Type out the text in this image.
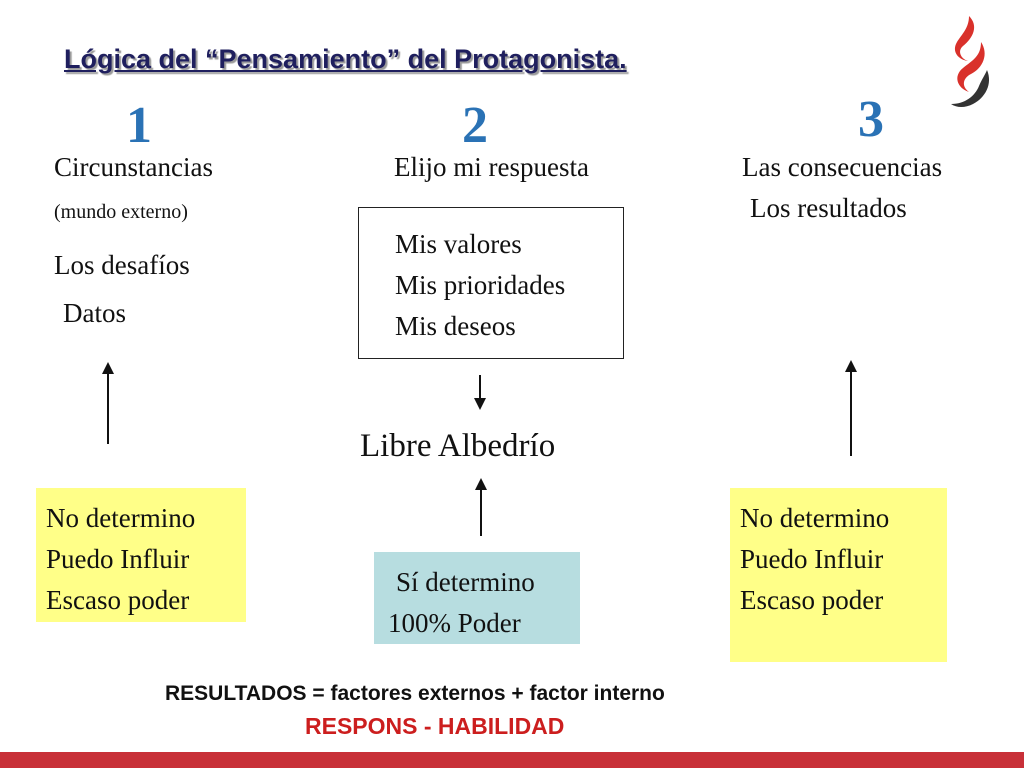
Lógica del “Pensamiento” del Protagonista.
1
Circunstancias
(mundo externo)
Los desafíos
Datos
No determino
Puedo Influir
Escaso poder
2
Elijo mi respuesta
Mis valores
Mis prioridades
Mis deseos
Libre Albedrío
Sí determino
100% Poder
3
Las consecuencias
Los resultados
No determino
Puedo Influir
Escaso poder
RESULTADOS = factores externos + factor interno
RESPONS - HABILIDAD
